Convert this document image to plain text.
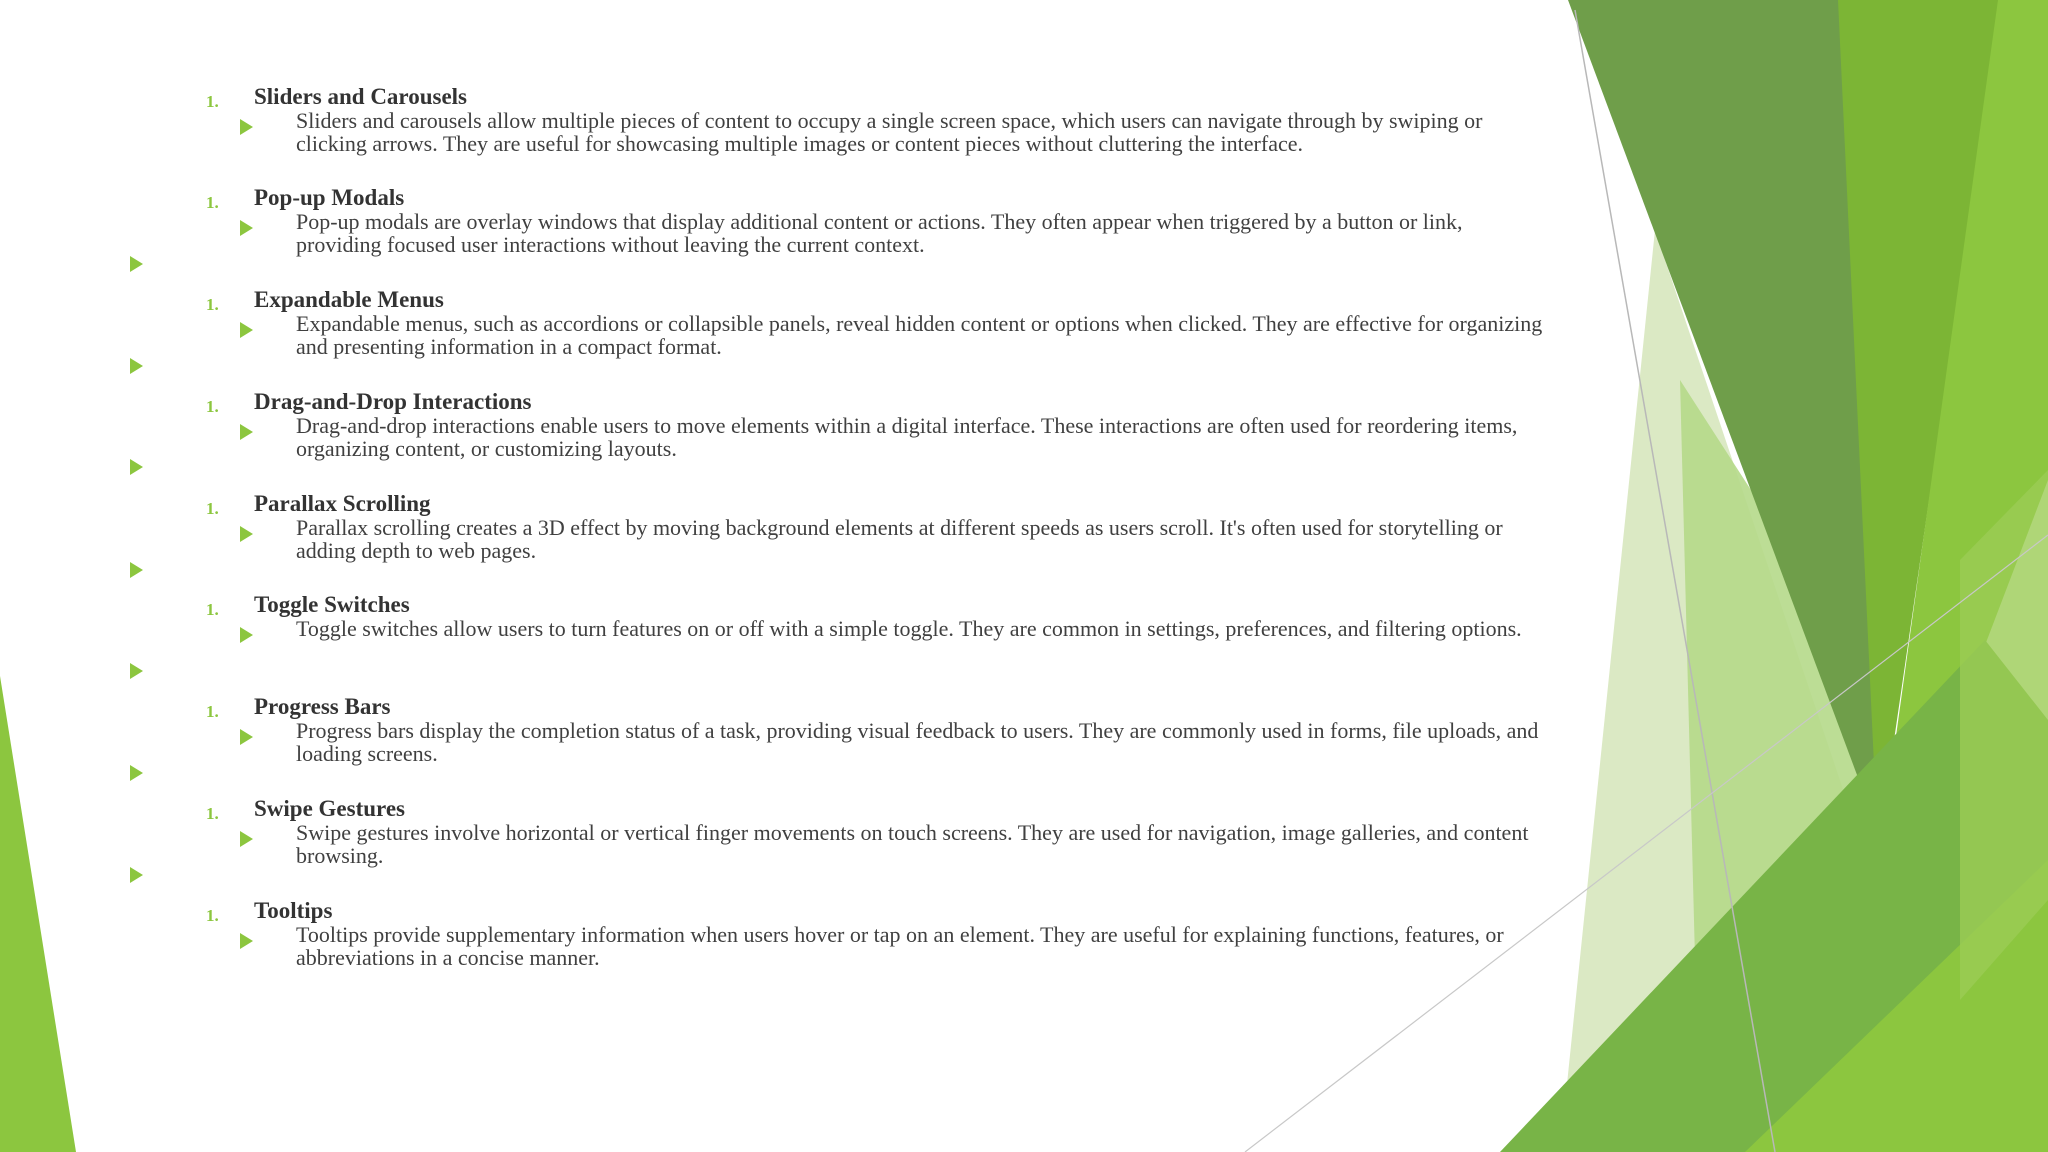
1. Sliders and Carousels
Sliders and carousels allow multiple pieces of content to occupy a single screen space, which users can navigate through by swiping or clicking arrows. They are useful for showcasing multiple images or content pieces without cluttering the interface.
1. Pop-up Modals
Pop-up modals are overlay windows that display additional content or actions. They often appear when triggered by a button or link, providing focused user interactions without leaving the current context.
1. Expandable Menus
Expandable menus, such as accordions or collapsible panels, reveal hidden content or options when clicked. They are effective for organizing and presenting information in a compact format.
1. Drag-and-Drop Interactions
Drag-and-drop interactions enable users to move elements within a digital interface. These interactions are often used for reordering items, organizing content, or customizing layouts.
1. Parallax Scrolling
Parallax scrolling creates a 3D effect by moving background elements at different speeds as users scroll. It's often used for storytelling or adding depth to web pages.
1. Toggle Switches
Toggle switches allow users to turn features on or off with a simple toggle. They are common in settings, preferences, and filtering options.
1. Progress Bars
Progress bars display the completion status of a task, providing visual feedback to users. They are commonly used in forms, file uploads, and loading screens.
1. Swipe Gestures
Swipe gestures involve horizontal or vertical finger movements on touch screens. They are used for navigation, image galleries, and content browsing.
1. Tooltips
Tooltips provide supplementary information when users hover or tap on an element. They are useful for explaining functions, features, or abbreviations in a concise manner.
